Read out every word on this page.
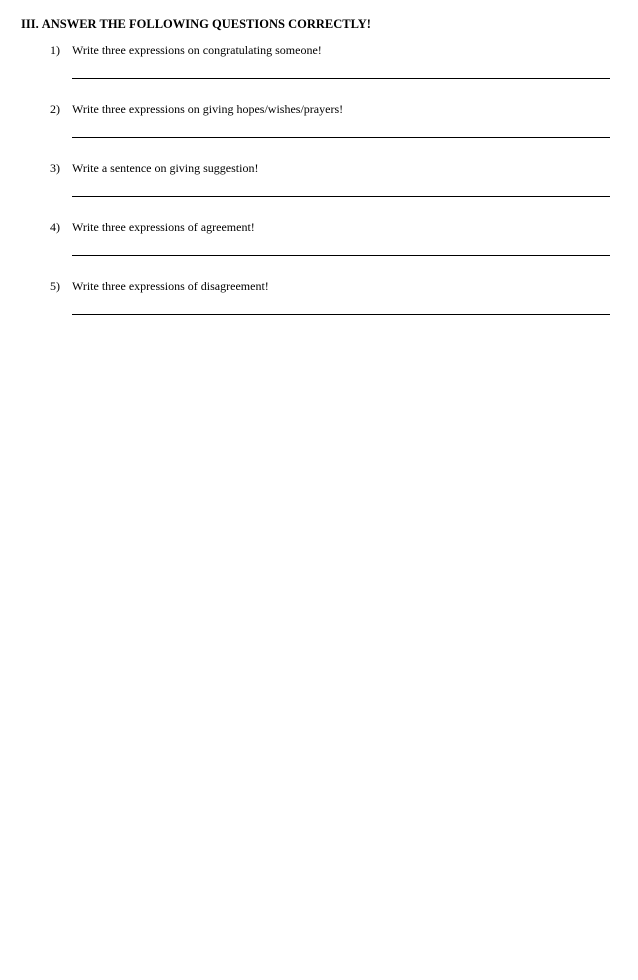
III. ANSWER THE FOLLOWING QUESTIONS CORRECTLY!
1) Write three expressions on congratulating someone!
2) Write three expressions on giving hopes/wishes/prayers!
3) Write a sentence on giving suggestion!
4) Write three expressions of agreement!
5) Write three expressions of disagreement!
